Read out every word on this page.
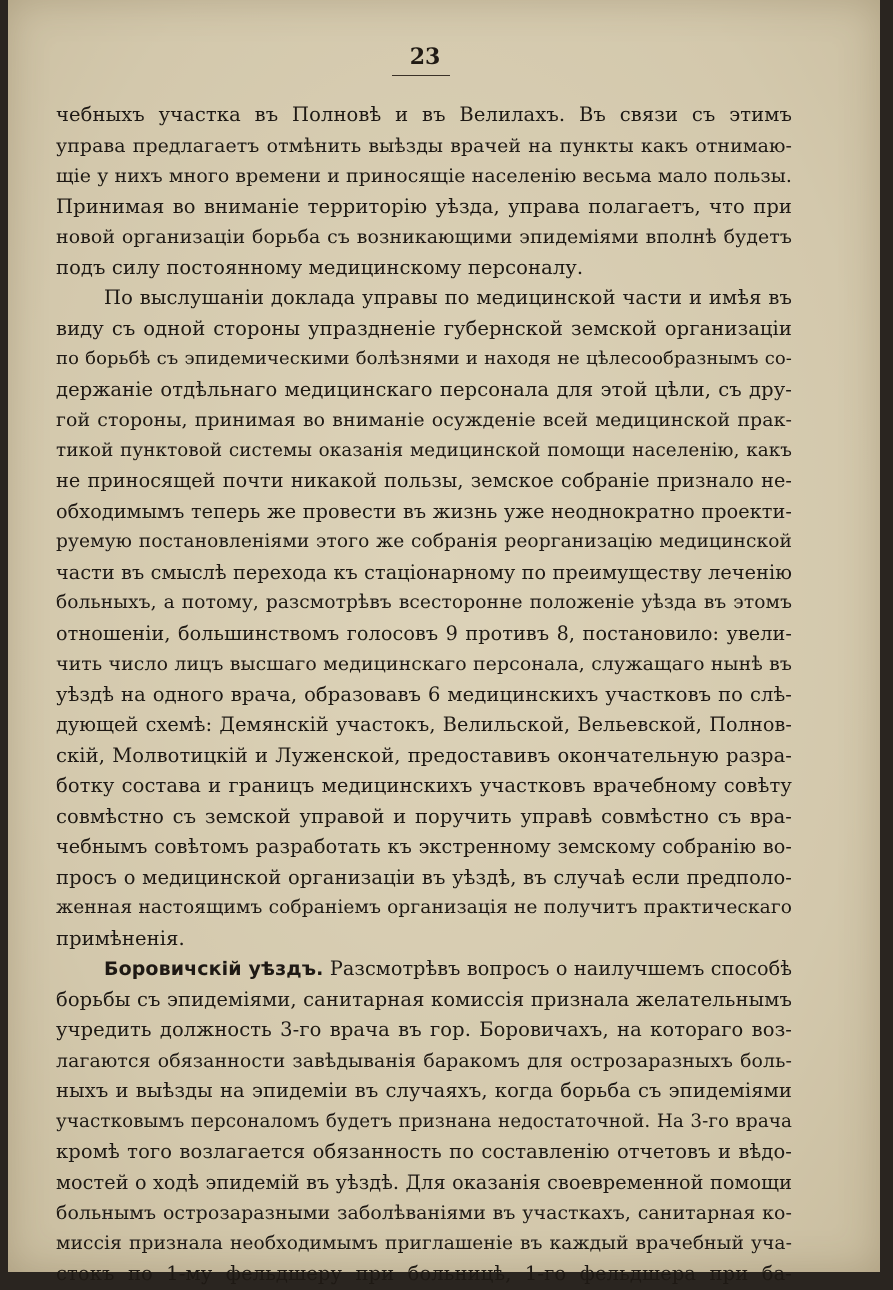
23
чебныхъ участка въ Полновѣ и въ Велилахъ. Въ связи съ этимъ
управа предлагаетъ отмѣнить выѣзды врачей на пункты какъ отнимаю-
щіе у нихъ много времени и приносящіе населенію весьма мало пользы.
Принимая во вниманіе территорію уѣзда, управа полагаетъ, что при
новой организаціи борьба съ возникающими эпидеміями вполнѣ будетъ
подъ силу постоянному медицинскому персоналу.
По выслушаніи доклада управы по медицинской части и имѣя въ
виду съ одной стороны упраздненіе губернской земской организаціи
по борьбѣ съ эпидемическими болѣзнями и находя не цѣлесообразнымъ со-
держаніе отдѣльнаго медицинскаго персонала для этой цѣли, съ дру-
гой стороны, принимая во вниманіе осужденіе всей медицинской прак-
тикой пунктовой системы оказанія медицинской помощи населенію, какъ
не приносящей почти никакой пользы, земское собраніе признало не-
обходимымъ теперь же провести въ жизнь уже неоднократно проекти-
руемую постановленіями этого же собранія реорганизацію медицинской
части въ смыслѣ перехода къ стаціонарному по преимуществу леченію
больныхъ, а потому, разсмотрѣвъ всесторонне положеніе уѣзда въ этомъ
отношеніи, большинствомъ голосовъ 9 противъ 8, постановило: увели-
чить число лицъ высшаго медицинскаго персонала, служащаго нынѣ въ
уѣздѣ на одного врача, образовавъ 6 медицинскихъ участковъ по слѣ-
дующей схемѣ: Демянскій участокъ, Велильской, Вельевской, Полнов-
скій, Молвотицкій и Луженской, предоставивъ окончательную разра-
ботку состава и границъ медицинскихъ участковъ врачебному совѣту
совмѣстно съ земской управой и поручить управѣ совмѣстно съ вра-
чебнымъ совѣтомъ разработать къ экстренному земскому собранію во-
просъ о медицинской организаціи въ уѣздѣ, въ случаѣ если предполо-
женная настоящимъ собраніемъ организація не получитъ практическаго
примѣненія.
Боровичскій уѣздъ. Разсмотрѣвъ вопросъ о наилучшемъ способѣ
борьбы съ эпидеміями, санитарная комиссія признала желательнымъ
учредить должность 3-го врача въ гор. Боровичахъ, на котораго воз-
лагаются обязанности завѣдыванія баракомъ для острозаразныхъ боль-
ныхъ и выѣзды на эпидеміи въ случаяхъ, когда борьба съ эпидеміями
участковымъ персоналомъ будетъ признана недостаточной. На 3-го врача
кромѣ того возлагается обязанность по составленію отчетовъ и вѣдо-
мостей о ходѣ эпидемій въ уѣздѣ. Для оказанія своевременной помощи
больнымъ острозаразными заболѣваніями въ участкахъ, санитарная ко-
миссія признала необходимымъ приглашеніе въ каждый врачебный уча-
стокъ по 1-му фельдшеру при больницѣ, 1-го фельдшера при ба-
